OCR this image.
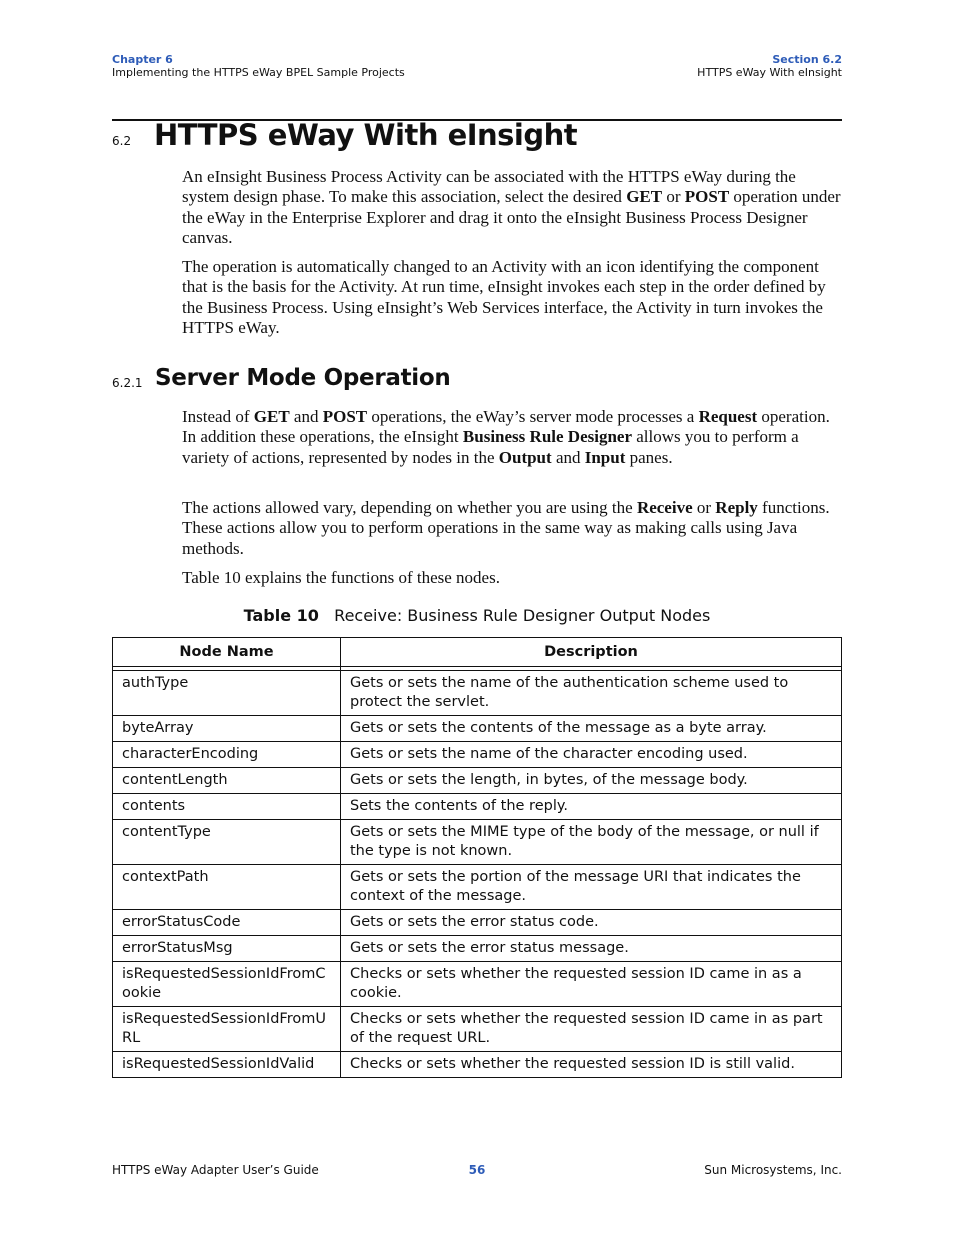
Chapter 6
Implementing the HTTPS eWay BPEL Sample Projects
Section 6.2
HTTPS eWay With eInsight
6.2 HTTPS eWay With eInsight
An eInsight Business Process Activity can be associated with the HTTPS eWay during the system design phase. To make this association, select the desired GET or POST operation under the eWay in the Enterprise Explorer and drag it onto the eInsight Business Process Designer canvas.
The operation is automatically changed to an Activity with an icon identifying the component that is the basis for the Activity. At run time, eInsight invokes each step in the order defined by the Business Process. Using eInsight’s Web Services interface, the Activity in turn invokes the HTTPS eWay.
6.2.1 Server Mode Operation
Instead of GET and POST operations, the eWay’s server mode processes a Request operation. In addition these operations, the eInsight Business Rule Designer allows you to perform a variety of actions, represented by nodes in the Output and Input panes.
The actions allowed vary, depending on whether you are using the Receive or Reply functions. These actions allow you to perform operations in the same way as making calls using Java methods.
Table 10 explains the functions of these nodes.
Table 10 Receive: Business Rule Designer Output Nodes
Node Name	Description

authType	Gets or sets the name of the authentication scheme used to protect the servlet.
byteArray	Gets or sets the contents of the message as a byte array.
characterEncoding	Gets or sets the name of the character encoding used.
contentLength	Gets or sets the length, in bytes, of the message body.
contents	Sets the contents of the reply.
contentType	Gets or sets the MIME type of the body of the message, or null if the type is not known.
contextPath	Gets or sets the portion of the message URI that indicates the context of the message.
errorStatusCode	Gets or sets the error status code.
errorStatusMsg	Gets or sets the error status message.
isRequestedSessionIdFromCookie	Checks or sets whether the requested session ID came in as a cookie.
isRequestedSessionIdFromURL	Checks or sets whether the requested session ID came in as part of the request URL.
isRequestedSessionIdValid	Checks or sets whether the requested session ID is still valid.
HTTPS eWay Adapter User’s Guide	56	Sun Microsystems, Inc.
